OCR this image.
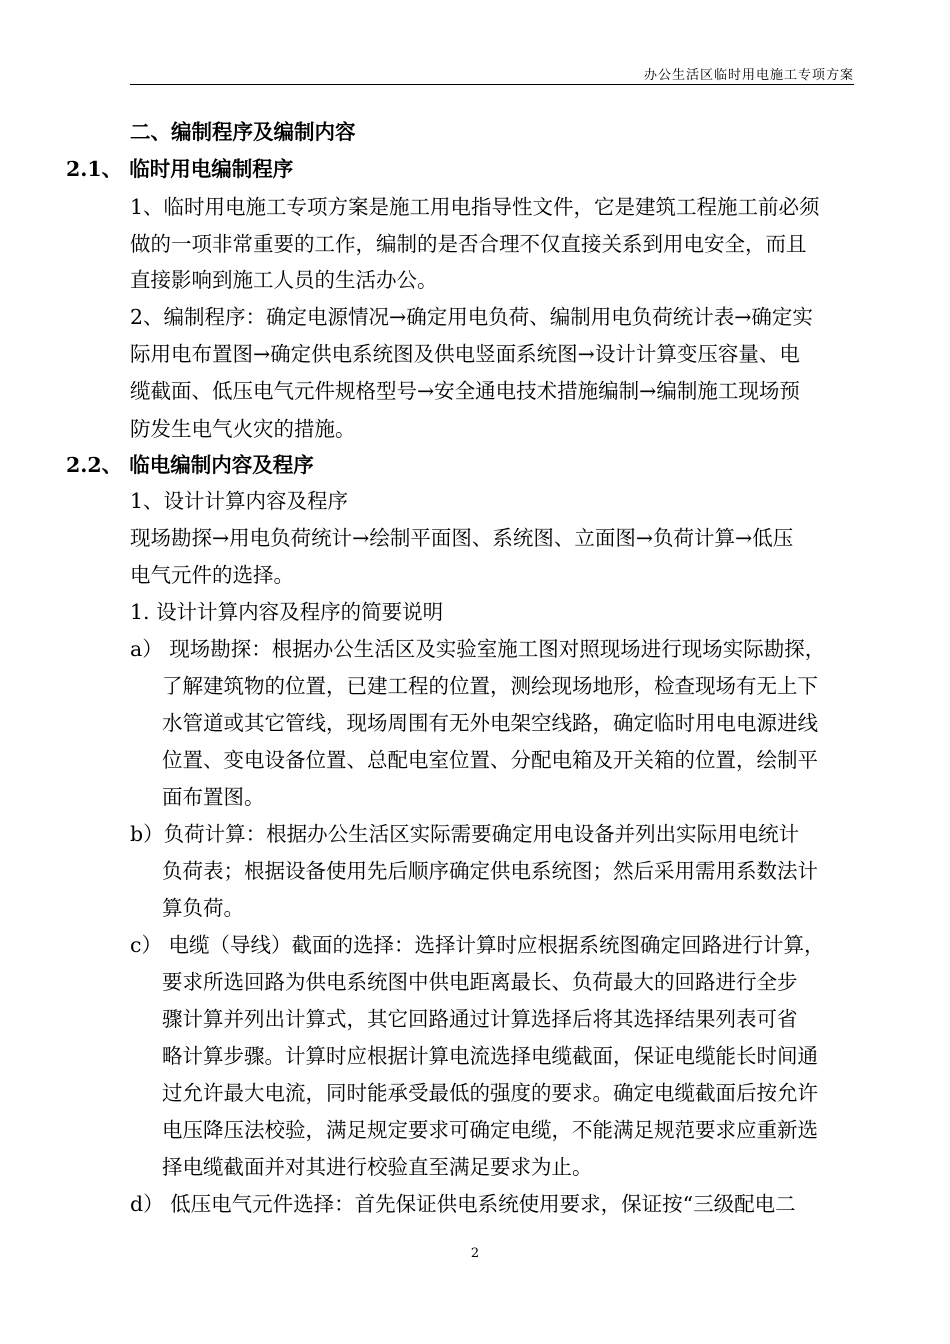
办公生活区临时用电施工专项方案
二、编制程序及编制内容
2.1、 临时用电编制程序
1、临时用电施工专项方案是施工用电指导性文件，它是建筑工程施工前必须
做的一项非常重要的工作，编制的是否合理不仅直接关系到用电安全，而且
直接影响到施工人员的生活办公。
2、编制程序：确定电源情况→确定用电负荷、编制用电负荷统计表→确定实
际用电布置图→确定供电系统图及供电竖面系统图→设计计算变压容量、电
缆截面、低压电气元件规格型号→安全通电技术措施编制→编制施工现场预
防发生电气火灾的措施。
2.2、 临电编制内容及程序
1、设计计算内容及程序
现场勘探→用电负荷统计→绘制平面图、系统图、立面图→负荷计算→低压
电气元件的选择。
1. 设计计算内容及程序的简要说明
a） 现场勘探：根据办公生活区及实验室施工图对照现场进行现场实际勘探，
了解建筑物的位置，已建工程的位置，测绘现场地形，检查现场有无上下
水管道或其它管线，现场周围有无外电架空线路，确定临时用电电源进线
位置、变电设备位置、总配电室位置、分配电箱及开关箱的位置，绘制平
面布置图。
b）负荷计算：根据办公生活区实际需要确定用电设备并列出实际用电统计
负荷表；根据设备使用先后顺序确定供电系统图；然后采用需用系数法计
算负荷。
c） 电缆（导线）截面的选择：选择计算时应根据系统图确定回路进行计算，
要求所选回路为供电系统图中供电距离最长、负荷最大的回路进行全步
骤计算并列出计算式，其它回路通过计算选择后将其选择结果列表可省
略计算步骤。计算时应根据计算电流选择电缆截面，保证电缆能长时间通
过允许最大电流，同时能承受最低的强度的要求。确定电缆截面后按允许
电压降压法校验，满足规定要求可确定电缆，不能满足规范要求应重新选
择电缆截面并对其进行校验直至满足要求为止。
d） 低压电气元件选择：首先保证供电系统使用要求，保证按“三级配电二
2
